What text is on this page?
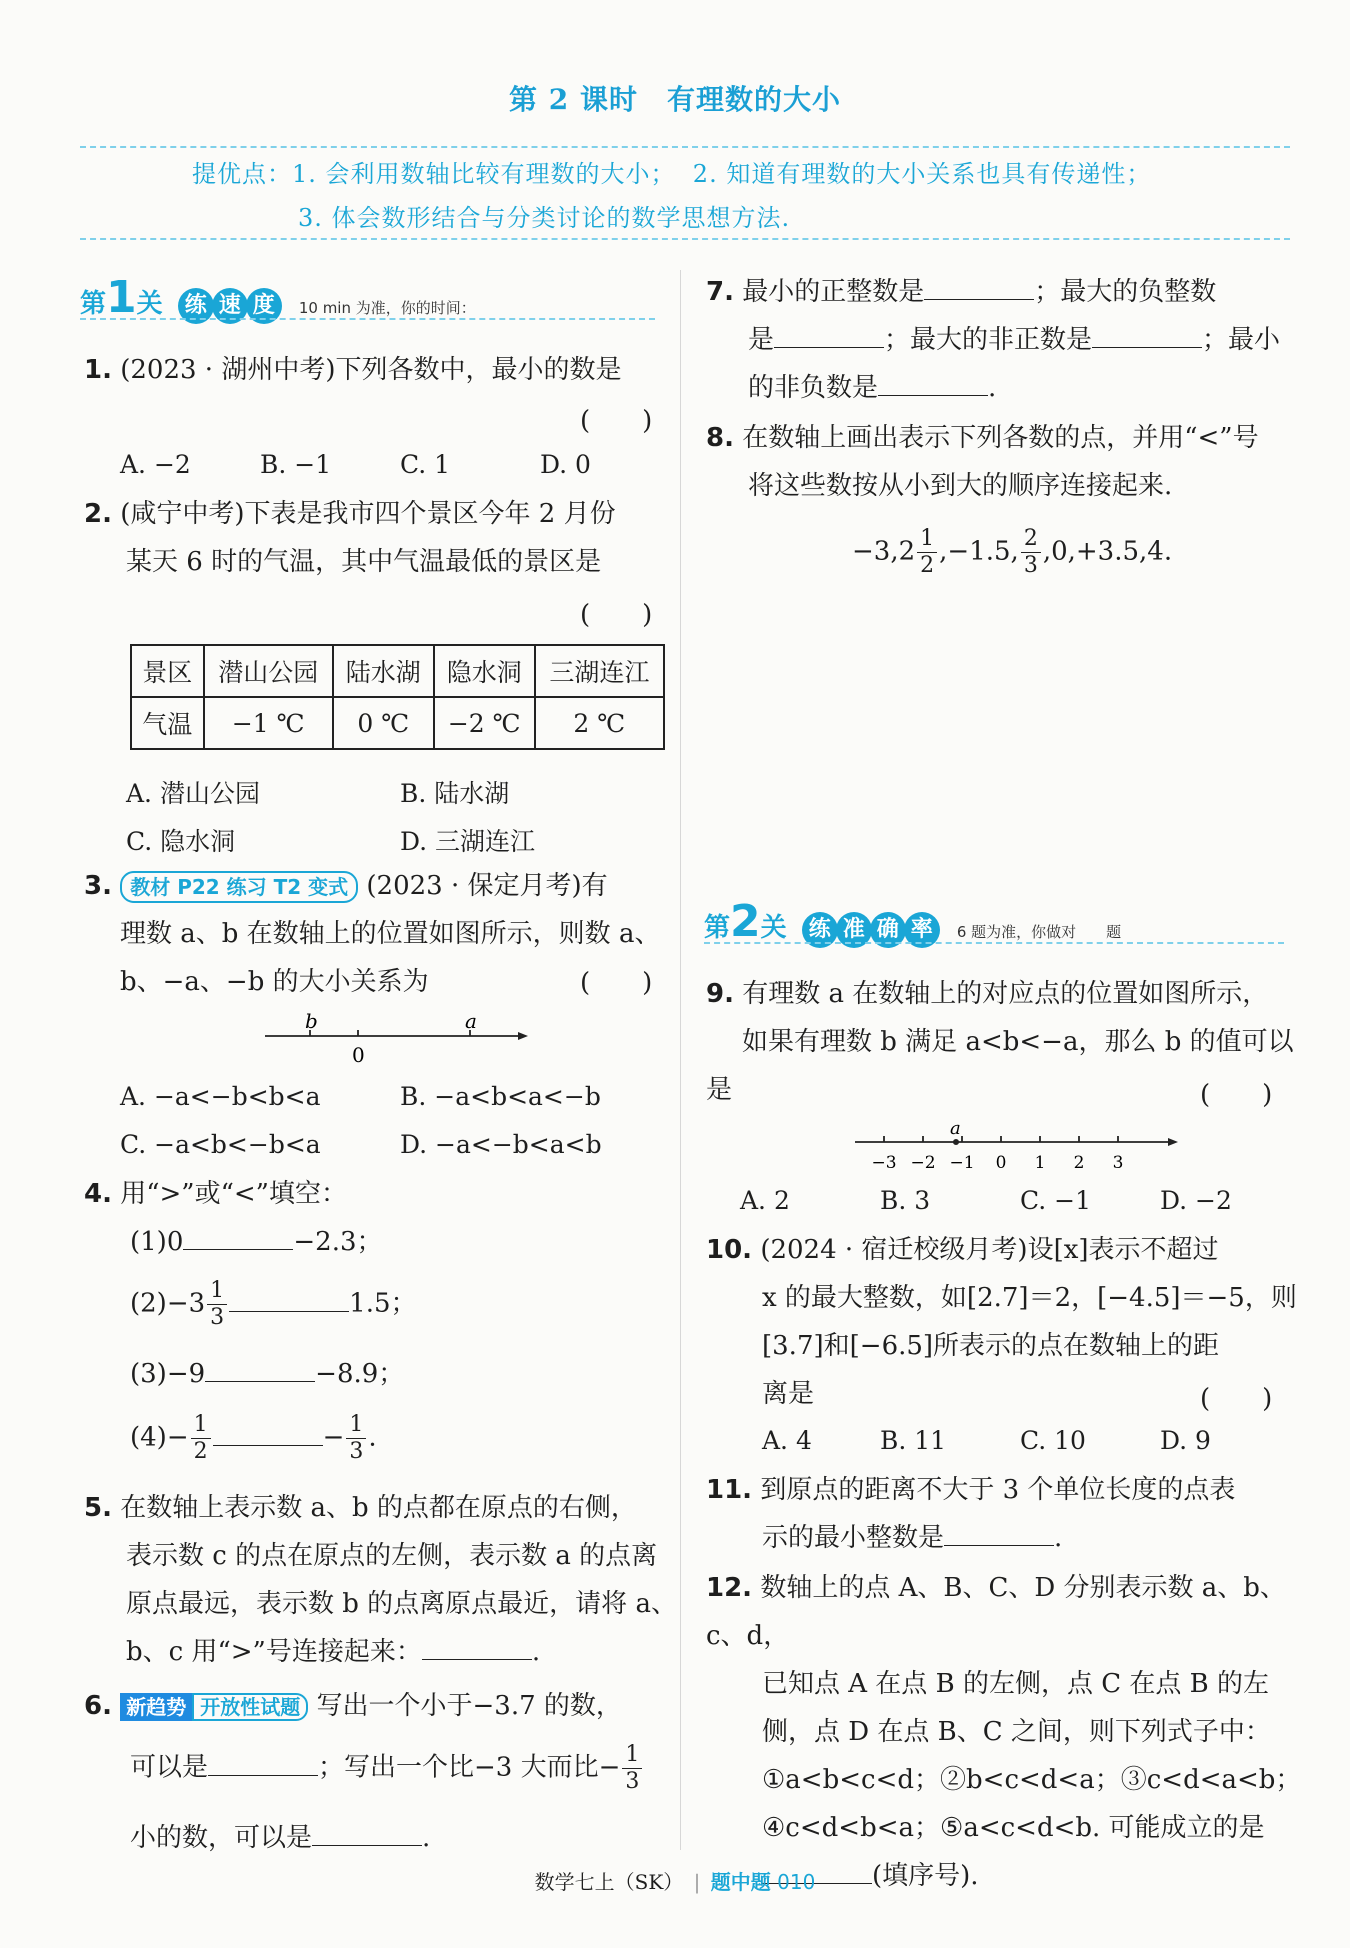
第 2 课时　有理数的大小
提优点：1. 会利用数轴比较有理数的大小； 2. 知道有理数的大小关系也具有传递性；
3. 体会数形结合与分类讨论的数学思想方法.
第1关 练 速 度 10 min 为准，你的时间：
1. (2023 · 湖州中考)下列各数中，最小的数是
(　　)
A. −2	B. −1	C. 1	D. 0
2. (咸宁中考)下表是我市四个景区今年 2 月份
某天 6 时的气温，其中气温最低的景区是
(　　)
景区	潜山公园	陆水湖	隐水洞	三湖连江
气温	−1 ℃	0 ℃	−2 ℃	2 ℃
A. 潜山公园	B. 陆水湖
C. 隐水洞	D. 三湖连江
3. 教材 P22 练习 T2 变式 (2023 · 保定月考)有
理数 a、b 在数轴上的位置如图所示，则数 a、
b、−a、−b 的大小关系为	(　　)
b	a
0
A. −a<−b<b<a	B. −a<b<a<−b
C. −a<b<−b<a	D. −a<−b<a<b
4. 用“>”或“<”填空：
(1)0	−2.3；
$(2)-3 \frac{1}{3}$	1.5；
(3)−9	−8.9；
$(4)- \frac{1}{2}$	− $\frac{1}{3}$ .
5. 在数轴上表示数 a、b 的点都在原点的右侧，
表示数 c 的点在原点的左侧，表示数 a 的点离
原点最远，表示数 b 的点离原点最近，请将 a、
b、c 用“>”号连接起来：	.
6. 新趋势 开放性试题 写出一个小于−3.7 的数，
可以是	；写出一个比−3 大而比− $\frac{1}{3}$
小的数，可以是	.
7. 最小的正整数是	；最大的负整数
是	；最大的非正数是	；最小
的非负数是	.
8. 在数轴上画出表示下列各数的点，并用“<”号
将这些数按从小到大的顺序连接起来.
$-3,2 \frac{1}{2} ,-1.5$, $\frac{2}{3} ,0,+3.5,4$.
第2关 练 准 确 率 6 题为准，你做对　　题
9. 有理数 a 在数轴上的对应点的位置如图所示，
如果有理数 b 满足 a<b<−a，那么 b 的值可以是	(　　)
a
−3 −2 −1 0 1 2 3
A. 2	B. 3	C. −1	D. −2
10. (2024 · 宿迁校级月考)设[x]表示不超过
x 的最大整数，如[2.7]＝2，[−4.5]＝−5，则
[3.7]和[−6.5]所表示的点在数轴上的距
离是	(　　)
A. 4	B. 11	C. 10	D. 9
11. 到原点的距离不大于 3 个单位长度的点表
示的最小整数是	.
12. 数轴上的点 A、B、C、D 分别表示数 a、b、c、d，
已知点 A 在点 B 的左侧，点 C 在点 B 的左
侧，点 D 在点 B、C 之间，则下列式子中：
①a<b<c<d；②b<c<d<a；③c<d<a<b；
④c<d<b<a；⑤a<c<d<b. 可能成立的是
(填序号).
数学七上（SK） | 题中题 010
